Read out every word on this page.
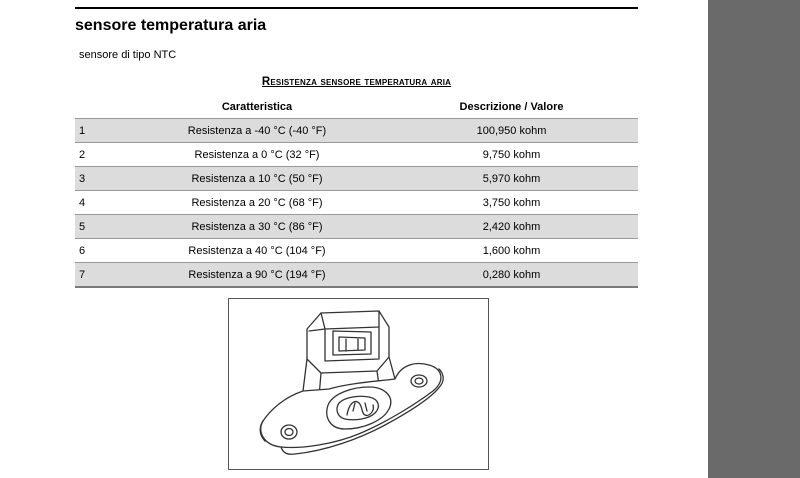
sensore temperatura aria
sensore di tipo NTC
Resistenza sensore temperatura aria
	Caratteristica	Descrizione / Valore
1	Resistenza a -40 °C (-40 °F)	100,950 kohm
2	Resistenza a 0 °C (32 °F)	9,750 kohm
3	Resistenza a 10 °C (50 °F)	5,970 kohm
4	Resistenza a 20 °C (68 °F)	3,750 kohm
5	Resistenza a 30 °C (86 °F)	2,420 kohm
6	Resistenza a 40 °C (104 °F)	1,600 kohm
7	Resistenza a 90 °C (194 °F)	0,280 kohm
